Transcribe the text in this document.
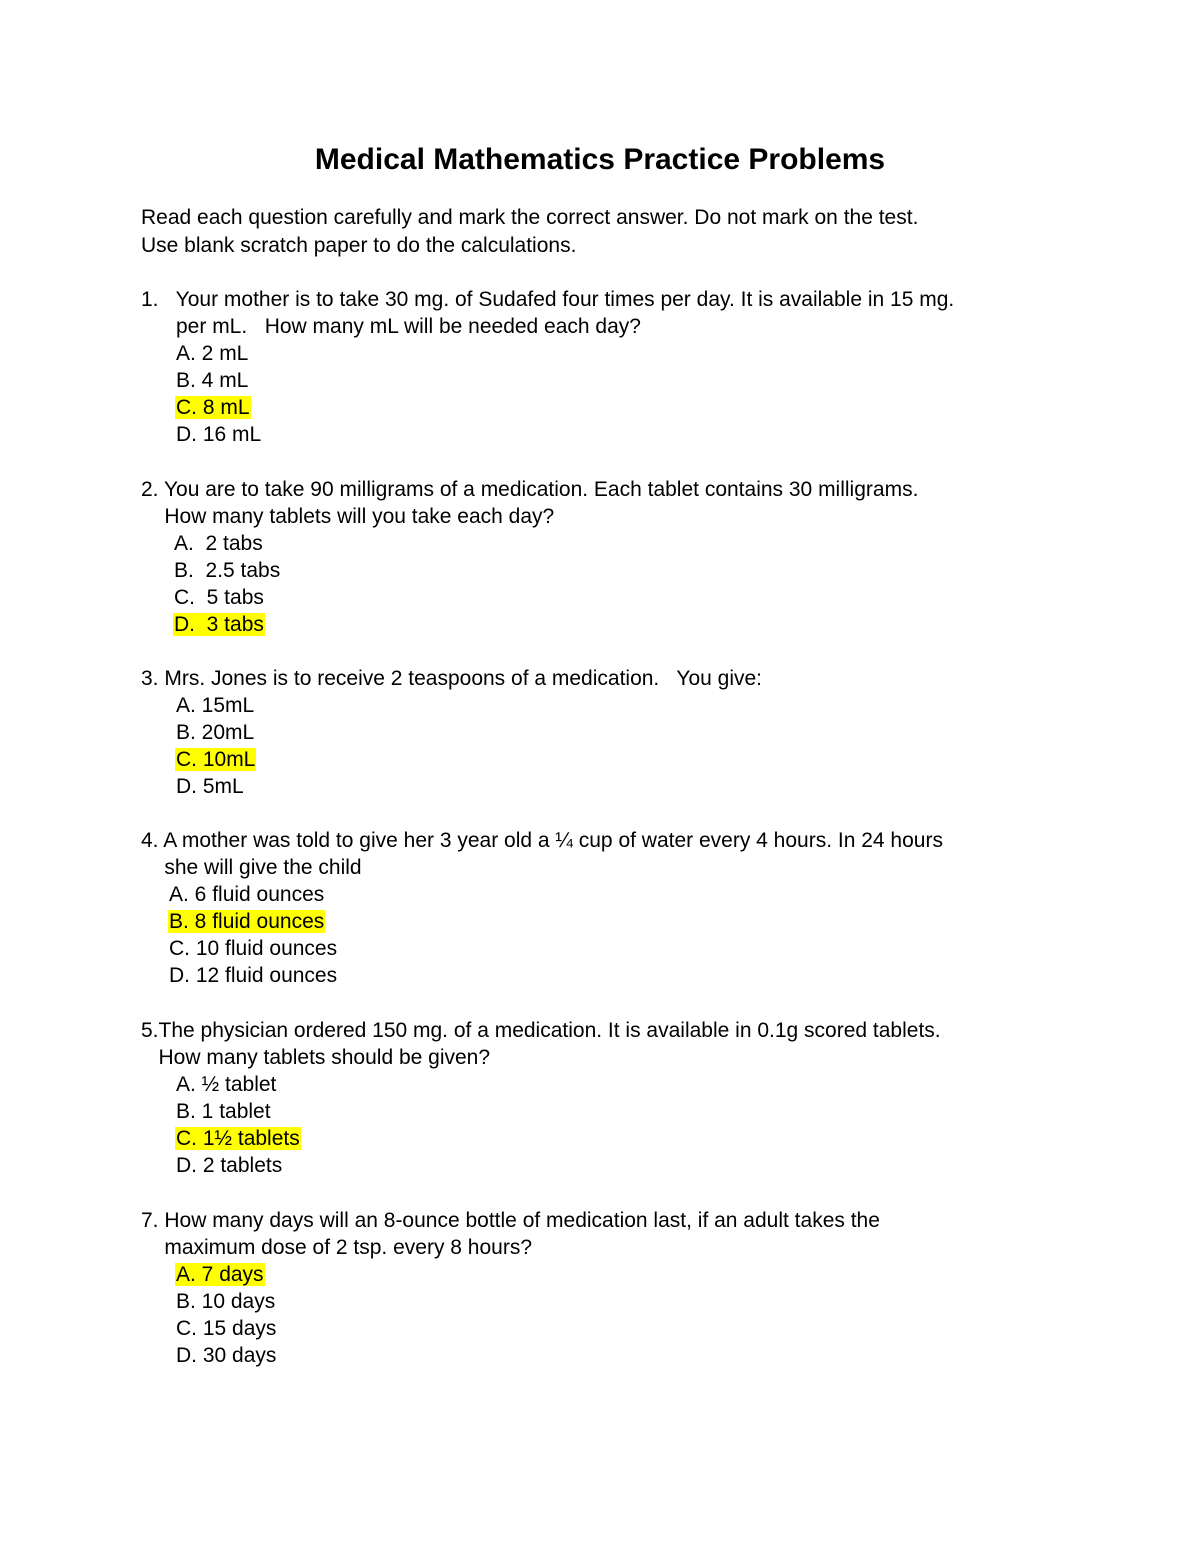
Medical Mathematics Practice Problems
Read each question carefully and mark the correct answer. Do not mark on the test.
Use blank scratch paper to do the calculations.
1.   Your mother is to take 30 mg. of Sudafed four times per day. It is available in 15 mg.
per mL.   How many mL will be needed each day?
A. 2 mL
B. 4 mL
C. 8 mL
D. 16 mL
2. You are to take 90 milligrams of a medication. Each tablet contains 30 milligrams.
How many tablets will you take each day?
A.  2 tabs
B.  2.5 tabs
C.  5 tabs
D.  3 tabs
3. Mrs. Jones is to receive 2 teaspoons of a medication.   You give:
A. 15mL
B. 20mL
C. 10mL
D. 5mL
4. A mother was told to give her 3 year old a ¼ cup of water every 4 hours. In 24 hours
she will give the child
A. 6 fluid ounces
B. 8 fluid ounces
C. 10 fluid ounces
D. 12 fluid ounces
5.The physician ordered 150 mg. of a medication. It is available in 0.1g scored tablets.
How many tablets should be given?
A. ½ tablet
B. 1 tablet
C. 1½ tablets
D. 2 tablets
7. How many days will an 8-ounce bottle of medication last, if an adult takes the
maximum dose of 2 tsp. every 8 hours?
A. 7 days
B. 10 days
C. 15 days
D. 30 days
